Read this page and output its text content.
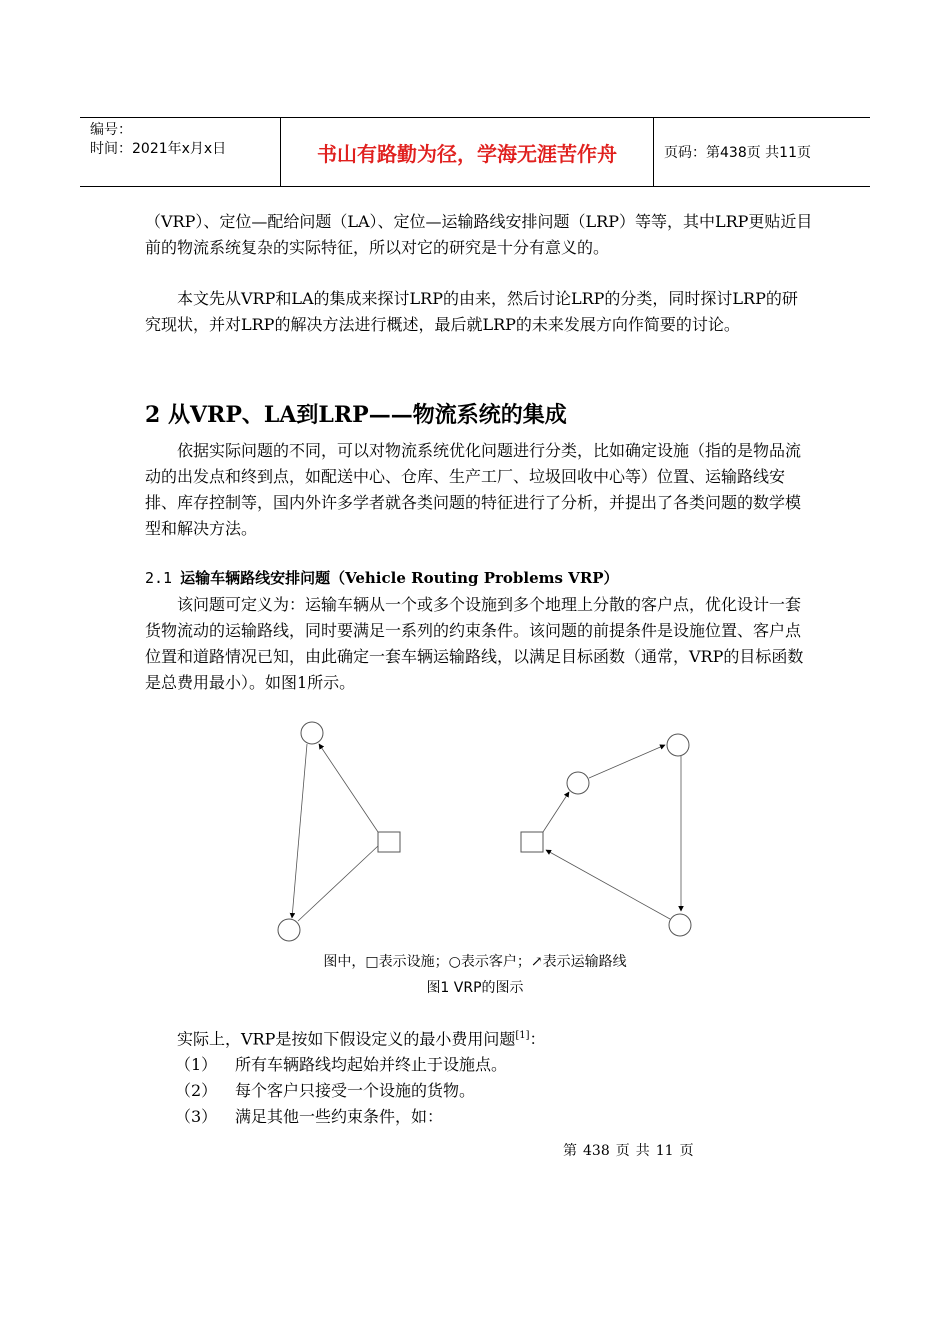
编号：
时间：2021年x月x日	书山有路勤为径，学海无涯苦作舟	页码：第438页 共11页

（VRP）、定位—配给问题（LA）、定位—运输路线安排问题（LRP）等等，其中LRP更贴近目前的物流系统复杂的实际特征，所以对它的研究是十分有意义的。

本文先从VRP和LA的集成来探讨LRP的由来，然后讨论LRP的分类，同时探讨LRP的研究现状，并对LRP的解决方法进行概述，最后就LRP的未来发展方向作简要的讨论。

2 从VRP、LA到LRP——物流系统的集成

依据实际问题的不同，可以对物流系统优化问题进行分类，比如确定设施（指的是物品流动的出发点和终到点，如配送中心、仓库、生产工厂、垃圾回收中心等）位置、运输路线安排、库存控制等，国内外许多学者就各类问题的特征进行了分析，并提出了各类问题的数学模型和解决方法。

2.1 运输车辆路线安排问题（Vehicle Routing Problems VRP）

该问题可定义为：运输车辆从一个或多个设施到多个地理上分散的客户点，优化设计一套货物流动的运输路线，同时要满足一系列的约束条件。该问题的前提条件是设施位置、客户点位置和道路情况已知，由此确定一套车辆运输路线，以满足目标函数（通常，VRP的目标函数是总费用最小）。如图1所示。

图中，□表示设施；○表示客户；↗表示运输路线
图1 VRP的图示

实际上，VRP是按如下假设定义的最小费用问题[1]：

（1）	所有车辆路线均起始并终止于设施点。
（2）	每个客户只接受一个设施的货物。
（3）	满足其他一些约束条件，如：
第 438 页 共 11 页
